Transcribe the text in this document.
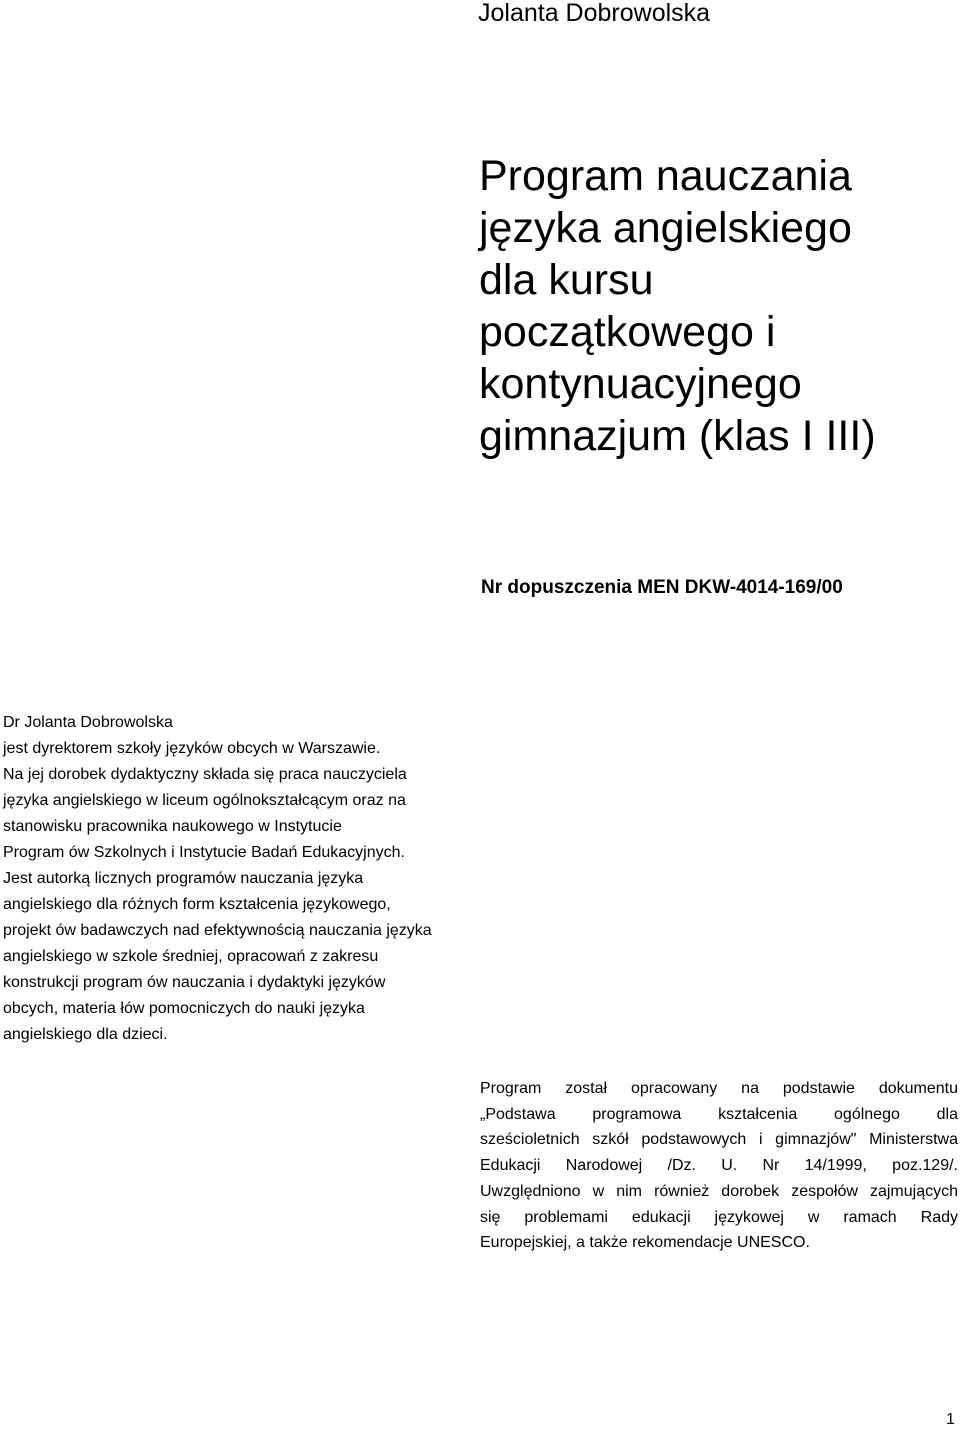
Jolanta Dobrowolska
Program nauczania
języka angielskiego
dla kursu
początkowego i
kontynuacyjnego
gimnazjum (klas I III)
Nr dopuszczenia MEN DKW-4014-169/00
Dr Jolanta Dobrowolska
jest dyrektorem szkoły języków obcych w Warszawie.
Na jej dorobek dydaktyczny składa się praca nauczyciela
języka angielskiego w liceum ogólnokształcącym oraz na
stanowisku pracownika naukowego w Instytucie
Program ów Szkolnych i Instytucie Badań Edukacyjnych.
Jest autorką licznych programów nauczania języka
angielskiego dla różnych form kształcenia językowego,
projekt ów badawczych nad efektywnością nauczania języka
angielskiego w szkole średniej, opracowań z zakresu
konstrukcji program ów nauczania i dydaktyki języków
obcych, materia łów pomocniczych do nauki języka
angielskiego dla dzieci.
Program został opracowany na podstawie dokumentu
„Podstawa programowa kształcenia ogólnego dla
sześcioletnich szkół podstawowych i gimnazjów" Ministerstwa
Edukacji Narodowej /Dz. U. Nr 14/1999, poz.129/.
Uwzględniono w nim również dorobek zespołów zajmujących
się problemami edukacji językowej w ramach Rady
Europejskiej, a także rekomendacje UNESCO.
1
